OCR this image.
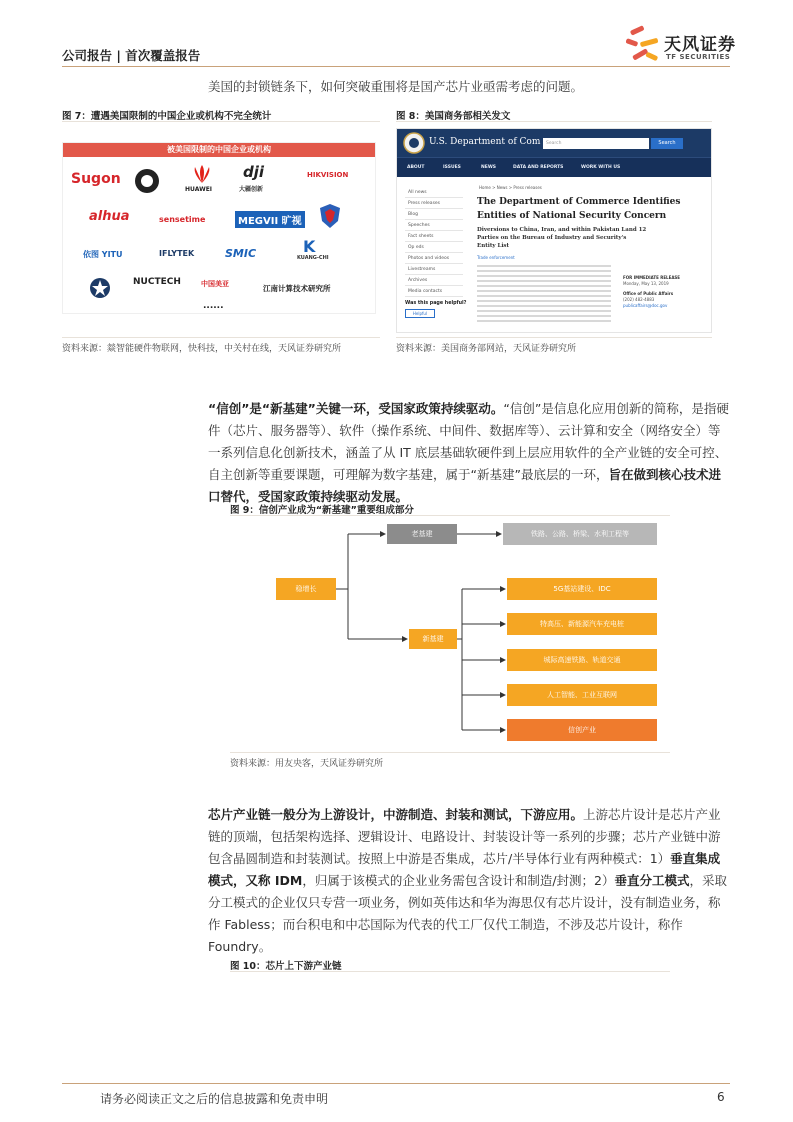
公司报告 | 首次覆盖报告
天风证券
TF SECURITIES
美国的封锁链条下，如何突破重围将是国产芯片业亟需考虑的问题。
图 7：遭遇美国限制的中国企业或机构不完全统计
被美国限制的中国企业或机构
Sugon
HUAWEI
dji
大疆创新
HIKVISION
alhua	sensetime	MEGVII 旷视
依图 YITU	IFLYTEK	SMIC	KUANG-CHI
K
NUCTECH	中国美亚	江南计算技术研究所
......
资料来源：燚智能硬件物联网，快科技，中关村在线，天风证券研究所
图 8：美国商务部相关发文
U.S. Department of Com	Search	Search
ABOUT	ISSUES	NEWS	DATA AND REPORTS	WORK WITH US
Home > News > Press releases
All news
Press releases
Blog
Speeches
Fact sheets
Op eds
Photos and videos
Livestreams
Archives
Media contacts
Was this page helpful?
Helpful
The Department of Commerce Identifies
Entities of National Security Concern
Diversions to China, Iran, and within Pakistan Land 12
Parties on the Bureau of Industry and Security's
Entity List
Trade enforcement
FOR IMMEDIATE RELEASE
Monday, May 13, 2019
Office of Public Affairs
(202) 482-4883
publicaffairs@doc.gov
资料来源：美国商务部网站，天风证券研究所
“信创”是“新基建”关键一环，受国家政策持续驱动。“信创”是信息化应用创新的简称，是指硬件（芯片、服务器等）、软件（操作系统、中间件、数据库等）、云计算和安全（网络安全）等一系列信息化创新技术，涵盖了从 IT 底层基础软硬件到上层应用软件的全产业链的安全可控、自主创新等重要课题，可理解为数字基建，属于“新基建”最底层的一环，旨在做到核心技术进口替代，受国家政策持续驱动发展。
图 9：信创产业成为“新基建”重要组成部分
稳增长
老基建	铁路、公路、桥梁、水利工程等
新基建
5G基站建设、IDC
特高压、新能源汽车充电桩
城际高速铁路、轨道交通
人工智能、工业互联网
信创产业
资料来源：用友央客，天风证券研究所
芯片产业链一般分为上游设计，中游制造、封装和测试，下游应用。上游芯片设计是芯片产业链的顶端，包括架构选择、逻辑设计、电路设计、封装设计等一系列的步骤；芯片产业链中游包含晶圆制造和封装测试。按照上中游是否集成，芯片/半导体行业有两种模式：1）垂直集成模式，又称 IDM，归属于该模式的企业业务需包含设计和制造/封测；2）垂直分工模式，采取分工模式的企业仅只专营一项业务，例如英伟达和华为海思仅有芯片设计，没有制造业务，称作 Fabless；而台积电和中芯国际为代表的代工厂仅代工制造，不涉及芯片设计，称作 Foundry。
图 10：芯片上下游产业链
请务必阅读正文之后的信息披露和免责申明	6
